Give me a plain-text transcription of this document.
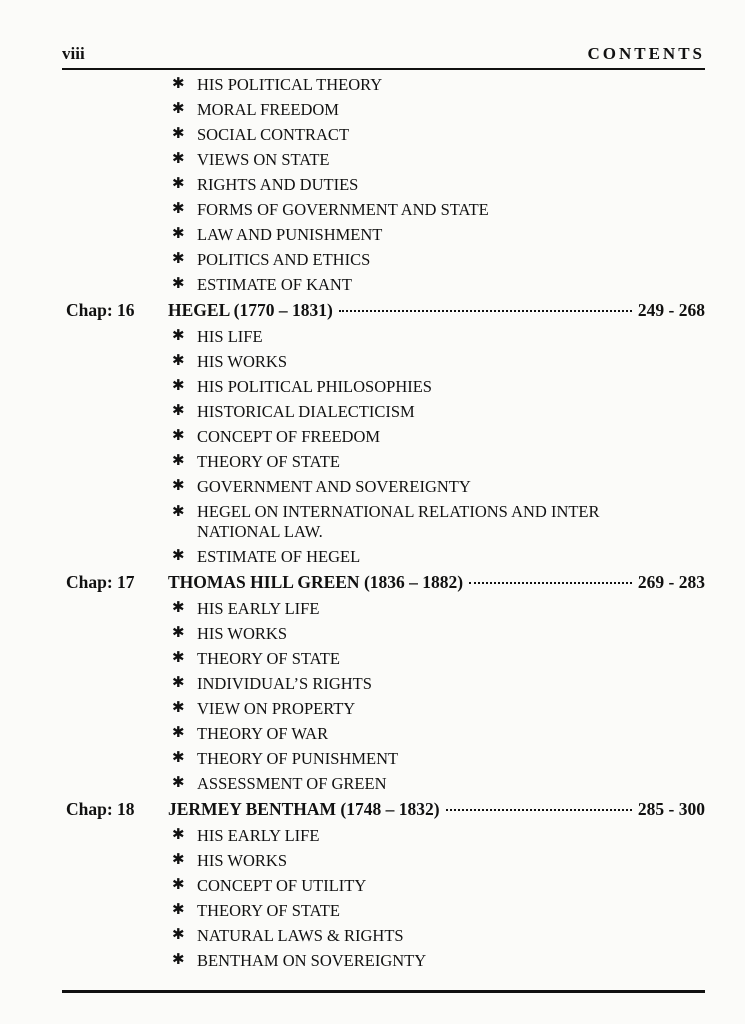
viii	CONTENTS
✱ HIS POLITICAL THEORY
✱ MORAL FREEDOM
✱ SOCIAL CONTRACT
✱ VIEWS ON STATE
✱ RIGHTS AND DUTIES
✱ FORMS OF GOVERNMENT AND STATE
✱ LAW AND PUNISHMENT
✱ POLITICS AND ETHICS
✱ ESTIMATE OF KANT
Chap: 16 HEGEL (1770 – 1831)	249 - 268
✱ HIS LIFE
✱ HIS WORKS
✱ HIS POLITICAL PHILOSOPHIES
✱ HISTORICAL DIALECTICISM
✱ CONCEPT OF FREEDOM
✱ THEORY OF STATE
✱ GOVERNMENT AND SOVEREIGNTY
✱ HEGEL ON INTERNATIONAL RELATIONS AND INTER NATIONAL LAW.
✱ ESTIMATE OF HEGEL
Chap: 17 THOMAS HILL GREEN (1836 – 1882)	269 - 283
✱ HIS EARLY LIFE
✱ HIS WORKS
✱ THEORY OF STATE
✱ INDIVIDUAL’S RIGHTS
✱ VIEW ON PROPERTY
✱ THEORY OF WAR
✱ THEORY OF PUNISHMENT
✱ ASSESSMENT OF GREEN
Chap: 18 JERMEY BENTHAM (1748 – 1832)	285 - 300
✱ HIS EARLY LIFE
✱ HIS WORKS
✱ CONCEPT OF UTILITY
✱ THEORY OF STATE
✱ NATURAL LAWS & RIGHTS
✱ BENTHAM ON SOVEREIGNTY
